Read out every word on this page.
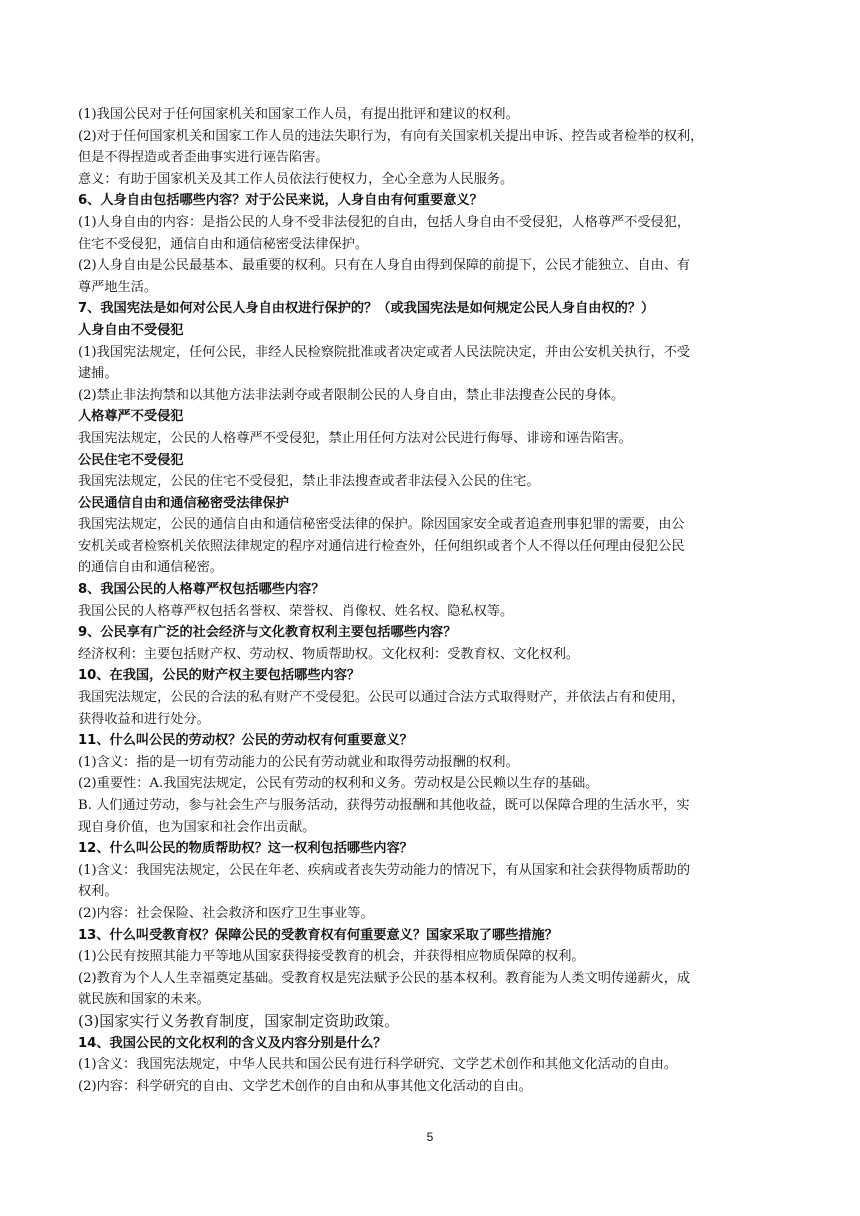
(1)我国公民对于任何国家机关和国家工作人员，有提出批评和建议的权利。

(2)对于任何国家机关和国家工作人员的违法失职行为，有向有关国家机关提出申诉、控告或者检举的权利，

但是不得捏造或者歪曲事实进行诬告陷害。

意义：有助于国家机关及其工作人员依法行使权力，全心全意为人民服务。

6、人身自由包括哪些内容？对于公民来说，人身自由有何重要意义？

(1)人身自由的内容：是指公民的人身不受非法侵犯的自由，包括人身自由不受侵犯，人格尊严不受侵犯，

住宅不受侵犯，通信自由和通信秘密受法律保护。

(2)人身自由是公民最基本、最重要的权利。只有在人身自由得到保障的前提下，公民才能独立、自由、有

尊严地生活。

7、我国宪法是如何对公民人身自由权进行保护的？（或我国宪法是如何规定公民人身自由权的？）

人身自由不受侵犯

(1)我国宪法规定，任何公民，非经人民检察院批准或者决定或者人民法院决定，并由公安机关执行，不受

逮捕。

(2)禁止非法拘禁和以其他方法非法剥夺或者限制公民的人身自由，禁止非法搜查公民的身体。

人格尊严不受侵犯

我国宪法规定，公民的人格尊严不受侵犯，禁止用任何方法对公民进行侮辱、诽谤和诬告陷害。

公民住宅不受侵犯

我国宪法规定，公民的住宅不受侵犯，禁止非法搜查或者非法侵入公民的住宅。

公民通信自由和通信秘密受法律保护

我国宪法规定，公民的通信自由和通信秘密受法律的保护。除因国家安全或者追查刑事犯罪的需要，由公

安机关或者检察机关依照法律规定的程序对通信进行检查外，任何组织或者个人不得以任何理由侵犯公民

的通信自由和通信秘密。

8、我国公民的人格尊严权包括哪些内容？

我国公民的人格尊严权包括名誉权、荣誉权、肖像权、姓名权、隐私权等。

9、公民享有广泛的社会经济与文化教育权利主要包括哪些内容？

经济权利：主要包括财产权、劳动权、物质帮助权。文化权利：受教育权、文化权利。

10、在我国，公民的财产权主要包括哪些内容？

我国宪法规定，公民的合法的私有财产不受侵犯。公民可以通过合法方式取得财产，并依法占有和使用，

获得收益和进行处分。

11、什么叫公民的劳动权？公民的劳动权有何重要意义？

(1)含义：指的是一切有劳动能力的公民有劳动就业和取得劳动报酬的权利。

(2)重要性：A.我国宪法规定，公民有劳动的权利和义务。劳动权是公民赖以生存的基础。

B. 人们通过劳动，参与社会生产与服务活动，获得劳动报酬和其他收益，既可以保障合理的生活水平，实

现自身价值，也为国家和社会作出贡献。

12、什么叫公民的物质帮助权？这一权利包括哪些内容？

(1)含义：我国宪法规定，公民在年老、疾病或者丧失劳动能力的情况下，有从国家和社会获得物质帮助的

权利。

(2)内容：社会保险、社会救济和医疗卫生事业等。

13、什么叫受教育权？保障公民的受教育权有何重要意义？国家采取了哪些措施？

(1)公民有按照其能力平等地从国家获得接受教育的机会，并获得相应物质保障的权利。

(2)教育为个人人生幸福奠定基础。受教育权是宪法赋予公民的基本权利。教育能为人类文明传递薪火，成

就民族和国家的未来。

(3)国家实行义务教育制度，国家制定资助政策。

14、我国公民的文化权利的含义及内容分别是什么？

(1)含义：我国宪法规定，中华人民共和国公民有进行科学研究、文学艺术创作和其他文化活动的自由。

(2)内容：科学研究的自由、文学艺术创作的自由和从事其他文化活动的自由。

5
